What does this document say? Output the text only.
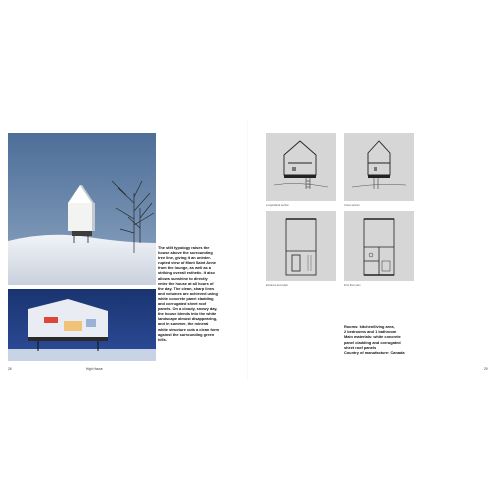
The stilt typology raises the
house above the surrounding
tree line, giving it an uninter-
rupted view of Mont Saint Anne
from the lounge, as well as a
striking overall esthetic. It also
allows sunshine to directly
enter the house at all hours of
the day. The clean, sharp lines
and volumes are achieved using
white concrete panel cladding
and corrugated sheet roof
panels. On a cloudy, snowy day,
the house blends into the white
landscape almost disappearing,
and in summer, the mineral
white structure cuts a clean form
against the surrounding green
hills.
26	High House
Longitudinal section	Cross section
Entrance level plan	First floor plan
29
Rooms: kitchen/living area,
2 bedrooms and 1 bathroom
Main materials: white concrete
panel cladding and corrugated
sheet roof panels
Country of manufacture: Canada
